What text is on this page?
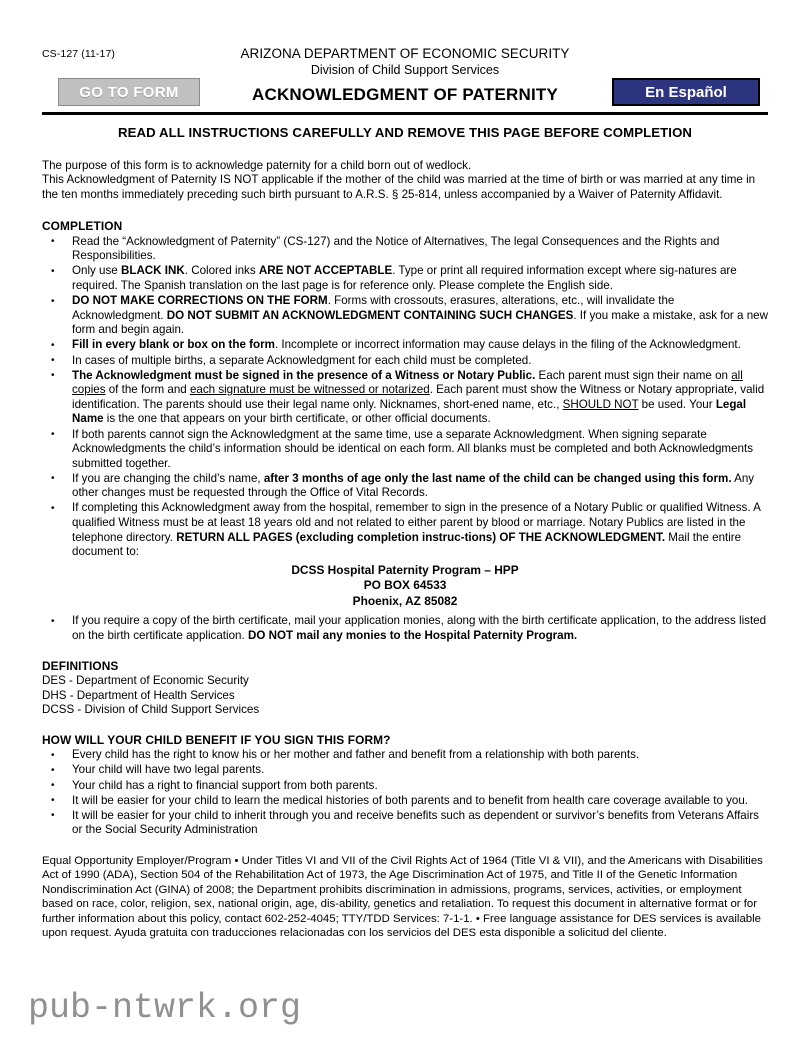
CS-127 (11-17)
GO TO FORM
ARIZONA DEPARTMENT OF ECONOMIC SECURITY
Division of Child Support Services
ACKNOWLEDGMENT OF PATERNITY	En Español
READ ALL INSTRUCTIONS CAREFULLY AND REMOVE THIS PAGE BEFORE COMPLETION

The purpose of this form is to acknowledge paternity for a child born out of wedlock.

This Acknowledgment of Paternity IS NOT applicable if the mother of the child was married at the time of birth or was married at any time in the ten months immediately preceding such birth pursuant to A.R.S. § 25-814, unless accompanied by a Waiver of Paternity Affidavit.

COMPLETION
• Read the “Acknowledgment of Paternity” (CS-127) and the Notice of Alternatives, The legal Consequences and the Rights and Responsibilities.
• Only use BLACK INK. Colored inks ARE NOT ACCEPTABLE. Type or print all required information except where sig-natures are required. The Spanish translation on the last page is for reference only. Please complete the English side.
• DO NOT MAKE CORRECTIONS ON THE FORM. Forms with crossouts, erasures, alterations, etc., will invalidate the Acknowledgment. DO NOT SUBMIT AN ACKNOWLEDGMENT CONTAINING SUCH CHANGES. If you make a mistake, ask for a new form and begin again.
• Fill in every blank or box on the form. Incomplete or incorrect information may cause delays in the filing of the Acknowledgment.
• In cases of multiple births, a separate Acknowledgment for each child must be completed.
• The Acknowledgment must be signed in the presence of a Witness or Notary Public. Each parent must sign their name on all copies of the form and each signature must be witnessed or notarized. Each parent must show the Witness or Notary appropriate, valid identification. The parents should use their legal name only. Nicknames, short-ened name, etc., SHOULD NOT be used. Your Legal Name is the one that appears on your birth certificate, or other official documents.
• If both parents cannot sign the Acknowledgment at the same time, use a separate Acknowledgment. When signing separate Acknowledgments the child’s information should be identical on each form. All blanks must be completed and both Acknowledgments submitted together.
• If you are changing the child’s name, after 3 months of age only the last name of the child can be changed using this form. Any other changes must be requested through the Office of Vital Records.
• If completing this Acknowledgment away from the hospital, remember to sign in the presence of a Notary Public or qualified Witness. A qualified Witness must be at least 18 years old and not related to either parent by blood or marriage. Notary Publics are listed in the telephone directory. RETURN ALL PAGES (excluding completion instruc-tions) OF THE ACKNOWLEDGMENT. Mail the entire document to:
DCSS Hospital Paternity Program – HPP
PO BOX 64533
Phoenix, AZ 85082
• If you require a copy of the birth certificate, mail your application monies, along with the birth certificate application, to the address listed on the birth certificate application. DO NOT mail any monies to the Hospital Paternity Program.
DEFINITIONS
DES - Department of Economic Security
DHS - Department of Health Services
DCSS - Division of Child Support Services
HOW WILL YOUR CHILD BENEFIT IF YOU SIGN THIS FORM?
• Every child has the right to know his or her mother and father and benefit from a relationship with both parents.
• Your child will have two legal parents.
• Your child has a right to financial support from both parents.
• It will be easier for your child to learn the medical histories of both parents and to benefit from health care coverage available to you.
• It will be easier for your child to inherit through you and receive benefits such as dependent or survivor’s benefits from Veterans Affairs or the Social Security Administration
Equal Opportunity Employer/Program • Under Titles VI and VII of the Civil Rights Act of 1964 (Title VI & VII), and the Americans with Disabilities Act of 1990 (ADA), Section 504 of the Rehabilitation Act of 1973, the Age Discrimination Act of 1975, and Title II of the Genetic Information Nondiscrimination Act (GINA) of 2008; the Department prohibits discrimination in admissions, programs, services, activities, or employment based on race, color, religion, sex, national origin, age, dis-ability, genetics and retaliation. To request this document in alternative format or for further information about this policy, contact 602-252-4045; TTY/TDD Services: 7-1-1. • Free language assistance for DES services is available upon request. Ayuda gratuita con traducciones relacionadas con los servicios del DES esta disponible a solicitud del cliente.
pub-ntwrk.org
